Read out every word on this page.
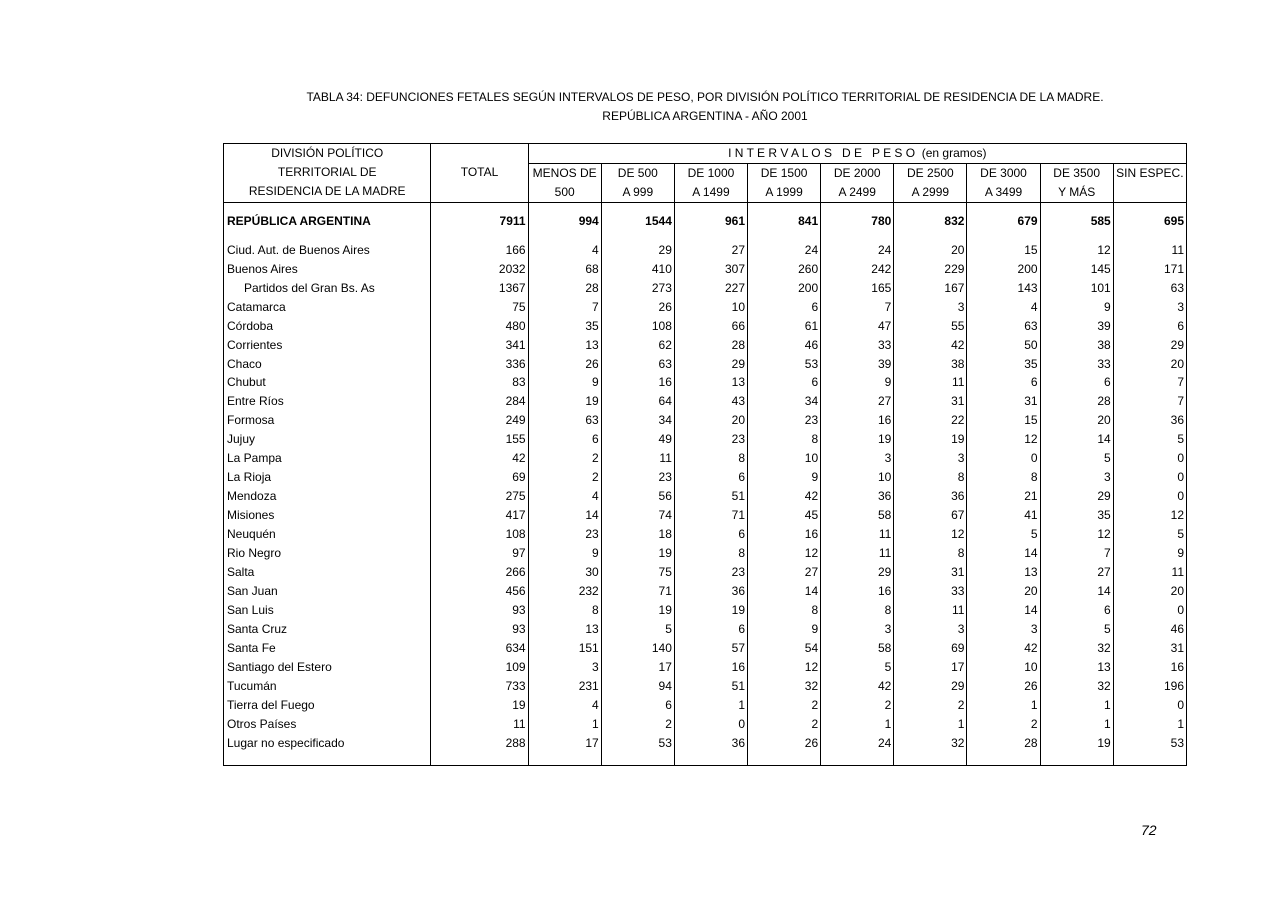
TABLA 34: DEFUNCIONES FETALES SEGÚN INTERVALOS DE PESO, POR DIVISIÓN POLÍTICO TERRITORIAL DE RESIDENCIA DE LA MADRE.
REPÚBLICA ARGENTINA - AÑO 2001
DIVISIÓN POLÍTICO
TERRITORIAL DE
RESIDENCIA DE LA MADRE	TOTAL	I N T E R V A L O S   D E   P E S O  (en gramos)								
		MENOS DE	DE 500	DE 1000	DE 1500	DE 2000	DE 2500	DE 3000	DE 3500	SIN ESPEC.
		500	A 999	A 1499	A 1999	A 2499	A 2999	A 3499	Y MÁS	

REPÚBLICA ARGENTINA	7911	994	1544	961	841	780	832	679	585	695

Ciud. Aut. de Buenos Aires	166	4	29	27	24	24	20	15	12	11
Buenos Aires	2032	68	410	307	260	242	229	200	145	171
Partidos del Gran Bs. As	1367	28	273	227	200	165	167	143	101	63
Catamarca	75	7	26	10	6	7	3	4	9	3
Córdoba	480	35	108	66	61	47	55	63	39	6
Corrientes	341	13	62	28	46	33	42	50	38	29
Chaco	336	26	63	29	53	39	38	35	33	20
Chubut	83	9	16	13	6	9	11	6	6	7
Entre Ríos	284	19	64	43	34	27	31	31	28	7
Formosa	249	63	34	20	23	16	22	15	20	36
Jujuy	155	6	49	23	8	19	19	12	14	5
La Pampa	42	2	11	8	10	3	3	0	5	0
La Rioja	69	2	23	6	9	10	8	8	3	0
Mendoza	275	4	56	51	42	36	36	21	29	0
Misiones	417	14	74	71	45	58	67	41	35	12
Neuquén	108	23	18	6	16	11	12	5	12	5
Rio Negro	97	9	19	8	12	11	8	14	7	9
Salta	266	30	75	23	27	29	31	13	27	11
San Juan	456	232	71	36	14	16	33	20	14	20
San Luis	93	8	19	19	8	8	11	14	6	0
Santa Cruz	93	13	5	6	9	3	3	3	5	46
Santa Fe	634	151	140	57	54	58	69	42	32	31
Santiago del Estero	109	3	17	16	12	5	17	10	13	16
Tucumán	733	231	94	51	32	42	29	26	32	196
Tierra del Fuego	19	4	6	1	2	2	2	1	1	0
Otros Países	11	1	2	0	2	1	1	2	1	1
Lugar no especificado	288	17	53	36	26	24	32	28	19	53

72
